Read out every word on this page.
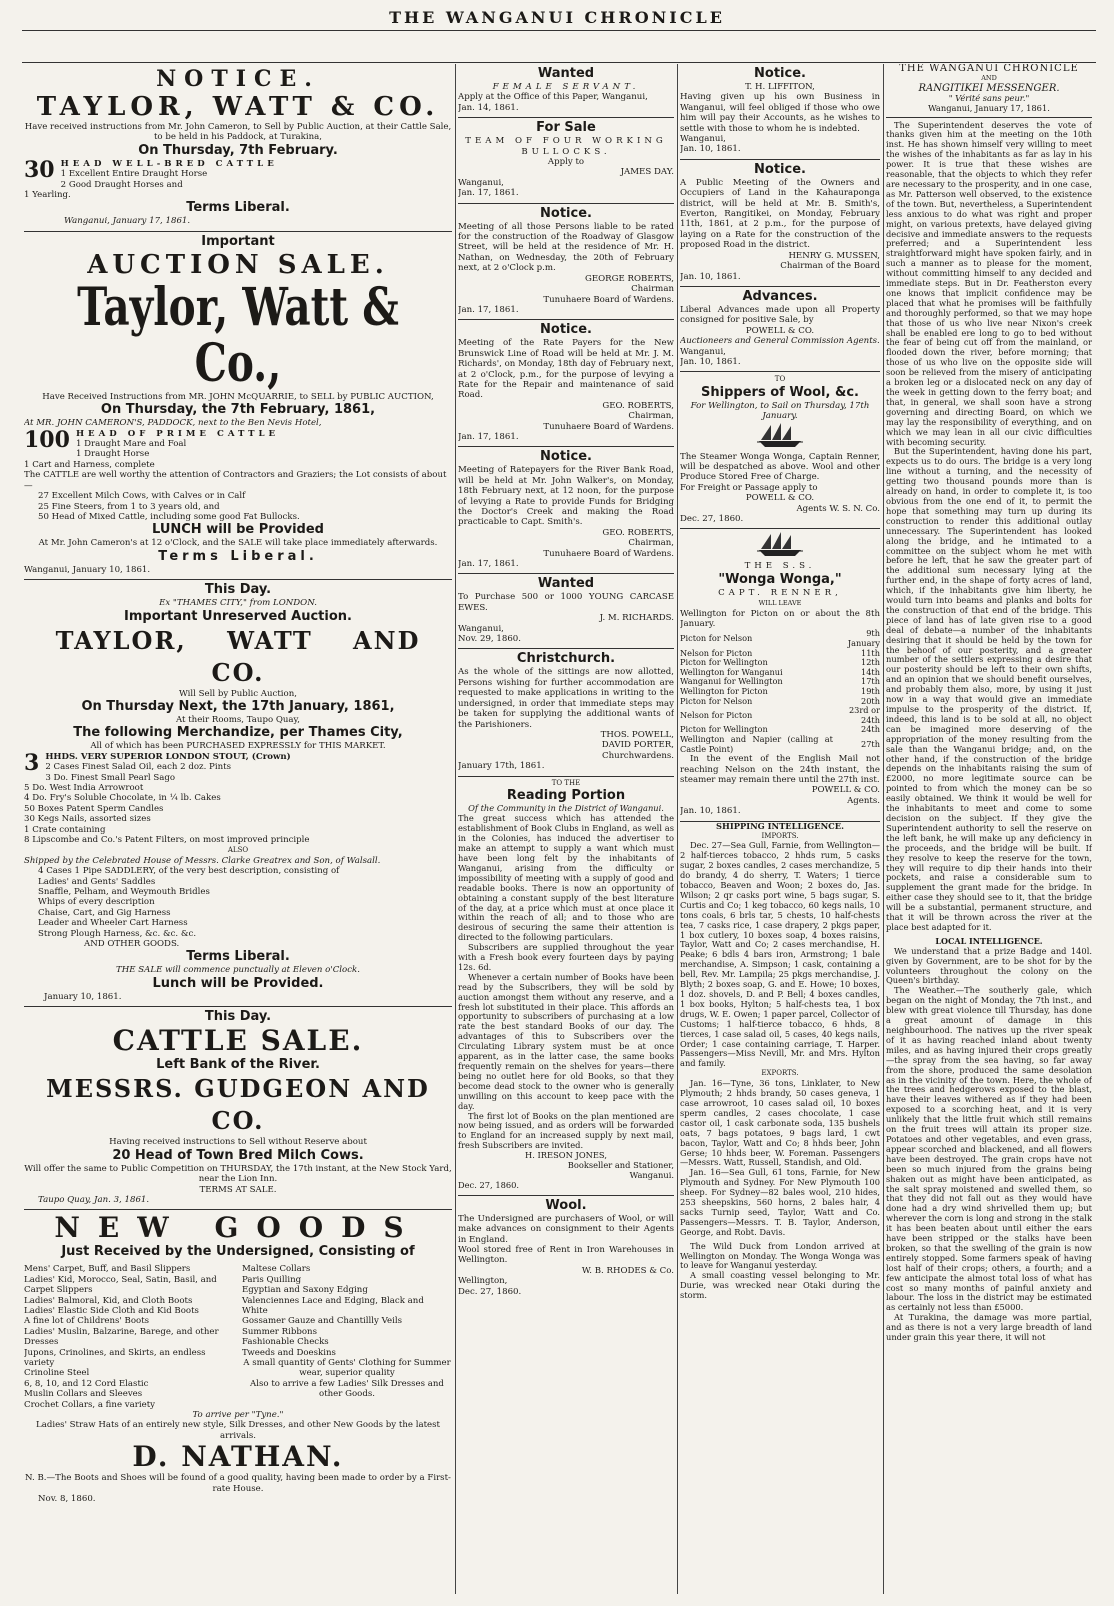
THE WANGANUI CHRONICLE
NOTICE.
TAYLOR, WATT & CO.

Have received instructions from Mr. John Cameron, to Sell by Public Auction, at their Cattle Sale, to be held in his Paddock, at Turakina,

On Thursday, 7th February.
30 HEAD WELL-BRED CATTLE
1 Excellent Entire Draught Horse
2 Good Draught Horses and
1 Yearling.
Terms Liberal.

Wanganui, January 17, 1861.

Important
AUCTION SALE.
Taylor, Watt & Co.,

Have Received Instructions from MR. JOHN McQUARRIE, to SELL by PUBLIC AUCTION,

On Thursday, the 7th February, 1861,

At MR. JOHN CAMERON'S, PADDOCK, next to the Ben Nevis Hotel,

100 HEAD OF PRIME CATTLE
1 Draught Mare and Foal
1 Draught Horse
1 Cart and Harness, complete

The CATTLE are well worthy the attention of Contractors and Graziers; the Lot consists of about—

27 Excellent Milch Cows, with Calves or in Calf
25 Fine Steers, from 1 to 3 years old, and
50 Head of Mixed Cattle, including some good Fat Bullocks.
LUNCH will be Provided

At Mr. John Cameron's at 12 o'Clock, and the SALE will take place immediately afterwards.

Terms Liberal.

Wanganui, January 10, 1861.

This Day.

Ex "THAMES CITY," from LONDON.

Important Unreserved Auction.
TAYLOR, WATT AND CO.

Will Sell by Public Auction,

On Thursday Next, the 17th January, 1861,

At their Rooms, Taupo Quay,

The following Merchandize, per Thames City,

All of which has been PURCHASED EXPRESSLY for THIS MARKET.

3 HHDS. VERY SUPERIOR LONDON STOUT, (Crown)
2 Cases Finest Salad Oil, each 2 doz. Pints
3 Do. Finest Small Pearl Sago
5 Do. West India Arrowroot
4 Do. Fry's Soluble Chocolate, in ¼ lb. Cakes
50 Boxes Patent Sperm Candles
30 Kegs Nails, assorted sizes
1 Crate containing
8 Lipscombe and Co.'s Patent Filters, on most improved principle

ALSO

Shipped by the Celebrated House of Messrs. Clarke Greatrex and Son, of Walsall.

4 Cases 1 Pipe SADDLERY, of the very best description, consisting of

Ladies' and Gents' Saddles
Snaffle, Pelham, and Weymouth Bridles
Whips of every description
Chaise, Cart, and Gig Harness
Leader and Wheeler Cart Harness
Strong Plough Harness, &c. &c. &c.

AND OTHER GOODS.

Terms Liberal.

THE SALE will commence punctually at Eleven o'Clock.

Lunch will be Provided.

January 10, 1861.

This Day.
CATTLE SALE.
Left Bank of the River.
MESSRS. GUDGEON AND CO.

Having received instructions to Sell without Reserve about

20 Head of Town Bred Milch Cows.

Will offer the same to Public Competition on THURSDAY, the 17th instant, at the New Stock Yard, near the Lion Inn.

TERMS AT SALE.

Taupo Quay, Jan. 3, 1861.

NEW GOODS
Just Received by the Undersigned, Consisting of
Mens' Carpet, Buff, and Basil Slippers
Ladies' Kid, Morocco, Seal, Satin, Basil, and Carpet Slippers
Ladies' Balmoral, Kid, and Cloth Boots
Ladies' Elastic Side Cloth and Kid Boots
A fine lot of Childrens' Boots
Ladies' Muslin, Balzarine, Barege, and other Dresses
Jupons, Crinolines, and Skirts, an endless variety
Crinoline Steel
6, 8, 10, and 12 Cord Elastic
Muslin Collars and Sleeves
Crochet Collars, a fine variety
Maltese Collars
Paris Quilling
Egyptian and Saxony Edging
Valenciennes Lace and Edging, Black and White
Gossamer Gauze and Chantillly Veils
Summer Ribbons
Fashionable Checks
Tweeds and Doeskins
A small quantity of Gents' Clothing for Summer wear, superior quality
Also to arrive a few Ladies' Silk Dresses and other Goods.

To arrive per "Tyne."

Ladies' Straw Hats of an entirely new style, Silk Dresses, and other New Goods by the latest arrivals.

D. NATHAN.

N. B.—The Boots and Shoes will be found of a good quality, having been made to order by a First-rate House.

Nov. 8, 1860.

Wanted
FEMALE SERVANT.

Apply at the Office of this Paper, Wanganui,

Jan. 14, 1861.

For Sale
TEAM OF FOUR WORKING BULLOCKS.

Apply to

JAMES DAY.

Wanganui,

Jan. 17, 1861.

Notice.

Meeting of all those Persons liable to be rated for the construction of the Roadway of Glasgow Street, will be held at the residence of Mr. H. Nathan, on Wednesday, the 20th of February next, at 2 o'Clock p.m.

GEORGE ROBERTS,

Chairman

Tunuhaere Board of Wardens.

Jan. 17, 1861.

Notice.

Meeting of the Rate Payers for the New Brunswick Line of Road will be held at Mr. J. M. Richards', on Monday, 18th day of February next, at 2 o'Clock, p.m., for the purpose of levying a Rate for the Repair and maintenance of said Road.

GEO. ROBERTS,

Chairman,

Tunuhaere Board of Wardens.

Jan. 17, 1861.

Notice.

Meeting of Ratepayers for the River Bank Road, will be held at Mr. John Walker's, on Monday, 18th February next, at 12 noon, for the purpose of levying a Rate to provide Funds for Bridging the Doctor's Creek and making the Road practicable to Capt. Smith's.

GEO. ROBERTS,

Chairman,

Tunuhaere Board of Wardens.

Jan. 17, 1861.

Wanted

To Purchase 500 or 1000 YOUNG CARCASE EWES.

J. M. RICHARDS.

Wanganui,

Nov. 29, 1860.

Christchurch.

As the whole of the sittings are now allotted, Persons wishing for further accommodation are requested to make applications in writing to the undersigned, in order that immediate steps may be taken for supplying the additional wants of the Parishioners.

THOS. POWELL,

DAVID PORTER,

Churchwardens.

January 17th, 1861.

TO THE

Reading Portion

Of the Community in the District of Wanganui.

The great success which has attended the establishment of Book Clubs in England, as well as in the Colonies, has induced the advertiser to make an attempt to supply a want which must have been long felt by the inhabitants of Wanganui, arising from the difficulty or impossibility of meeting with a supply of good and readable books. There is now an opportunity of obtaining a constant supply of the best literature of the day, at a price which must at once place it within the reach of all; and to those who are desirous of securing the same their attention is directed to the following particulars.

Subscribers are supplied throughout the year with a Fresh book every fourteen days by paying 12s. 6d.

Whenever a certain number of Books have been read by the Subscribers, they will be sold by auction amongst them without any reserve, and a fresh lot substituted in their place. This affords an opportunity to subscribers of purchasing at a low rate the best standard Books of our day. The advantages of this to Subscribers over the Circulating Library system must be at once apparent, as in the latter case, the same books frequently remain on the shelves for years—there being no outlet here for old Books, so that they become dead stock to the owner who is generally unwilling on this account to keep pace with the day.

The first lot of Books on the plan mentioned are now being issued, and as orders will be forwarded to England for an increased supply by next mail, fresh Subscribers are invited.

H. IRESON JONES,

Bookseller and Stationer,

Wanganui.

Dec. 27, 1860.

Wool.

The Undersigned are purchasers of Wool, or will make advances on consignment to their Agents in England.

Wool stored free of Rent in Iron Warehouses in Wellington.

W. B. RHODES & Co.

Wellington,

Dec. 27, 1860.

Notice.

T. H. LIFFITON,

Having given up his own Business in Wanganui, will feel obliged if those who owe him will pay their Accounts, as he wishes to settle with those to whom he is indebted.

Wanganui,

Jan. 10, 1861.

Notice.

A Public Meeting of the Owners and Occupiers of Land in the Kahauraponga district, will be held at Mr. B. Smith's, Everton, Rangitikei, on Monday, February 11th, 1861, at 2 p.m., for the purpose of laying on a Rate for the construction of the proposed Road in the district.

HENRY G. MUSSEN,

Chairman of the Board

Jan. 10, 1861.

Advances.

Liberal Advances made upon all Property consigned for positive Sale, by

POWELL & CO.

Auctioneers and General Commission Agents.

Wanganui,

Jan. 10, 1861.

TO

Shippers of Wool, &c.

For Wellington, to Sail on Thursday, 17th January.

The Steamer Wonga Wonga, Captain Renner, will be despatched as above. Wool and other Produce Stored Free of Charge.

For Freight or Passage apply to

POWELL & CO.

Agents W. S. N. Co.

Dec. 27, 1860.

THE S.S.

"Wonga Wonga,"

CAPT. RENNER,

WILL LEAVE

Wellington for Picton on or about the 8th January.

Picton for Nelson	9th January
Nelson for Picton	11th
Picton for Wellington	12th
Wellington for Wanganui	14th
Wanganui for Wellington	17th
Wellington for Picton	19th
Picton for Nelson	20th
Nelson for Picton	23rd or 24th
Picton for Wellington	24th
Wellington and Napier (calling at Castle Point)	27th

In the event of the English Mail not reaching Nelson on the 24th instant, the steamer may remain there until the 27th inst.

POWELL & CO.

Agents.

Jan. 10, 1861.

SHIPPING INTELLIGENCE.

IMPORTS.

Dec. 27—Sea Gull, Farnie, from Wellington—2 half-tierces tobacco, 2 hhds rum, 5 casks sugar, 2 boxes candles, 2 cases merchandize, 5 do brandy, 4 do sherry, T. Waters; 1 tierce tobacco, Beaven and Woon; 2 boxes do, Jas. Wilson; 2 qr casks port wine, 5 bags sugar, S. Curtis and Co; 1 keg tobacco, 60 kegs nails, 10 tons coals, 6 brls tar, 5 chests, 10 half-chests tea, 7 casks rice, 1 case drapery, 2 pkgs paper, 1 box cutlery, 10 boxes soap, 4 boxes raisins, Taylor, Watt and Co; 2 cases merchandise, H. Peake; 6 bdls 4 bars iron, Armstrong; 1 bale merchandise, A. Simpson; 1 cask, containing a bell, Rev. Mr. Lampila; 25 pkgs merchandise, J. Blyth; 2 boxes soap, G. and E. Howe; 10 boxes, 1 doz. shovels, D. and P. Bell; 4 boxes candles, 1 box books, Hylton; 5 half-chests tea, 1 box drugs, W. E. Owen; 1 paper parcel, Collector of Customs; 1 half-tierce tobacco, 6 hhds, 8 tierces, 1 case salad oil, 5 cases, 40 kegs nails, Order; 1 case containing carriage, T. Harper. Passengers—Miss Nevill, Mr. and Mrs. Hylton and family.

EXPORTS.

Jan. 16—Tyne, 36 tons, Linklater, to New Plymouth; 2 hhds brandy, 50 cases geneva, 1 case arrowroot, 10 cases salad oil, 10 boxes sperm candles, 2 cases chocolate, 1 case castor oil, 1 cask carbonate soda, 135 bushels oats, 7 bags potatoes, 9 bags lard, 1 cwt bacon, Taylor, Watt and Co; 8 hhds beer, John Gerse; 10 hhds beer, W. Foreman. Passengers—Messrs. Watt, Russell, Standish, and Old.

Jan. 16—Sea Gull, 61 tons, Farnie, for New Plymouth and Sydney. For New Plymouth 100 sheep. For Sydney—82 bales wool, 210 hides, 253 sheepskins, 560 horns, 2 bales hair, 4 sacks Turnip seed, Taylor, Watt and Co. Passengers—Messrs. T. B. Taylor, Anderson, George, and Robt. Davis.

The Wild Duck from London arrived at Wellington on Monday. The Wonga Wonga was to leave for Wanganui yesterday.

A small coasting vessel belonging to Mr. Durie, was wrecked near Otaki during the storm.

THE WANGANUI CHRONICLE

AND

RANGITIKEI MESSENGER.

" Vérité sans peur."

Wanganui, January 17, 1861.

The Superintendent deserves the vote of thanks given him at the meeting on the 10th inst. He has shown himself very willing to meet the wishes of the inhabitants as far as lay in his power. It is true that these wishes are reasonable, that the objects to which they refer are necessary to the prosperity, and in one case, as Mr. Patterson well observed, to the existence of the town. But, nevertheless, a Superintendent less anxious to do what was right and proper might, on various pretexts, have delayed giving decisive and immediate answers to the requests preferred; and a Superintendent less straightforward might have spoken fairly, and in such a manner as to please for the moment, without committing himself to any decided and immediate steps. But in Dr. Featherston every one knows that implicit confidence may be placed that what he promises will be faithfully and thoroughly performed, so that we may hope that those of us who live near Nixon's creek shall be enabled ere long to go to bed without the fear of being cut off from the mainland, or flooded down the river, before morning; that those of us who live on the opposite side will soon be relieved from the misery of anticipating a broken leg or a dislocated neck on any day of the week in getting down to the ferry boat; and that, in general, we shall soon have a strong governing and directing Board, on which we may lay the responsibility of everything, and on which we may lean in all our civic difficulties with becoming security.

But the Superintendent, having done his part, expects us to do ours. The bridge is a very long line without a turning, and the necessity of getting two thousand pounds more than is already on hand, in order to complete it, is too obvious from the one end of it, to permit the hope that something may turn up during its construction to render this additional outlay unnecessary. The Superintendent has looked along the bridge, and he intimated to a committee on the subject whom he met with before he left, that he saw the greater part of the additional sum necessary lying at the further end, in the shape of forty acres of land, which, if the inhabitants give him liberty, he would turn into beams and planks and bolts for the construction of that end of the bridge. This piece of land has of late given rise to a good deal of debate—a number of the inhabitants desiring that it should be held by the town for the behoof of our posterity, and a greater number of the settlers expressing a desire that our posterity should be left to their own shifts, and an opinion that we should benefit ourselves, and probably them also, more, by using it just now in a way that would give an immediate impulse to the prosperity of the district. If, indeed, this land is to be sold at all, no object can be imagined more deserving of the appropriation of the money resulting from the sale than the Wanganui bridge; and, on the other hand, if the construction of the bridge depends on the inhabitants raising the sum of £2000, no more legitimate source can be pointed to from which the money can be so easily obtained. We think it would be well for the inhabitants to meet and come to some decision on the subject. If they give the Superintendent authority to sell the reserve on the left bank, he will make up any deficiency in the proceeds, and the bridge will be built. If they resolve to keep the reserve for the town, they will require to dip their hands into their pockets, and raise a considerable sum to supplement the grant made for the bridge. In either case they should see to it, that the bridge will be a substantial, permanent structure, and that it will be thrown across the river at the place best adapted for it.

LOCAL INTELLIGENCE.

We understand that a prize Badge and 140l. given by Government, are to be shot for by the volunteers throughout the colony on the Queen's birthday.

The Weather.—The southerly gale, which began on the night of Monday, the 7th inst., and blew with great violence till Thursday, has done a great amount of damage in this neighbourhood. The natives up the river speak of it as having reached inland about twenty miles, and as having injured their crops greatly—the spray from the sea having, so far away from the shore, produced the same desolation as in the vicinity of the town. Here, the whole of the trees and hedgerows exposed to the blast, have their leaves withered as if they had been exposed to a scorching heat, and it is very unlikely that the little fruit which still remains on the fruit trees will attain its proper size. Potatoes and other vegetables, and even grass, appear scorched and blackened, and all flowers have been destroyed. The grain crops have not been so much injured from the grains being shaken out as might have been anticipated, as the salt spray moistened and swelled them, so that they did not fall out as they would have done had a dry wind shrivelled them up; but wherever the corn is long and strong in the stalk it has been beaten about until either the ears have been stripped or the stalks have been broken, so that the swelling of the grain is now entirely stopped. Some farmers speak of having lost half of their crops; others, a fourth; and a few anticipate the almost total loss of what has cost so many months of painful anxiety and labour. The loss in the district may be estimated as certainly not less than £5000.

At Turakina, the damage was more partial, and as there is not a very large breadth of land under grain this year there, it will not
